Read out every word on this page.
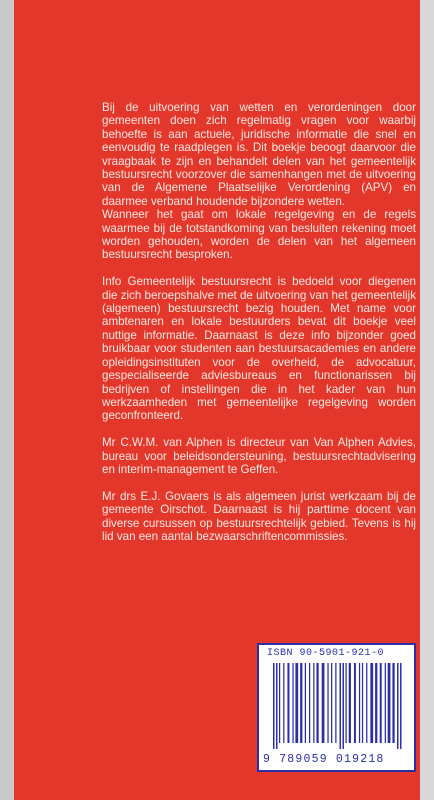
Bij de uitvoering van wetten en verordeningen door gemeenten doen zich regelmatig vragen voor waarbij behoefte is aan actuele, juridische informatie die snel en eenvoudig te raadplegen is. Dit boekje beoogt daarvoor die vraagbaak te zijn en behandelt delen van het gemeentelijk bestuursrecht voorzover die samenhangen met de uitvoering van de Algemene Plaatselijke Verordening (APV) en daarmee verband houdende bijzondere wetten.

Wanneer het gaat om lokale regelgeving en de regels waarmee bij de totstandkoming van besluiten rekening moet worden gehouden, worden de delen van het algemeen bestuursrecht besproken.

Info Gemeentelijk bestuursrecht is bedoeld voor diegenen die zich beroepshalve met de uitvoering van het gemeentelijk (algemeen) bestuursrecht bezig houden. Met name voor ambtenaren en lokale bestuurders bevat dit boekje veel nuttige informatie. Daarnaast is deze info bijzonder goed bruikbaar voor studenten aan bestuursacademies en andere opleidingsinstituten voor de overheid, de advocatuur, gespecialiseerde adviesbureaus en functionarissen bij bedrijven of instellingen die in het kader van hun werkzaamheden met gemeentelijke regelgeving worden geconfronteerd.

Mr C.W.M. van Alphen is directeur van Van Alphen Advies, bureau voor beleidsondersteuning, bestuursrechtadvisering en interim-management te Geffen.

Mr drs E.J. Govaers is als algemeen jurist werkzaam bij de gemeente Oirschot. Daarnaast is hij parttime docent van diverse cursussen op bestuursrechtelijk gebied. Tevens is hij lid van een aantal bezwaarschriftencommissies.

ISBN 90-5901-921-0
9 789059 019218
